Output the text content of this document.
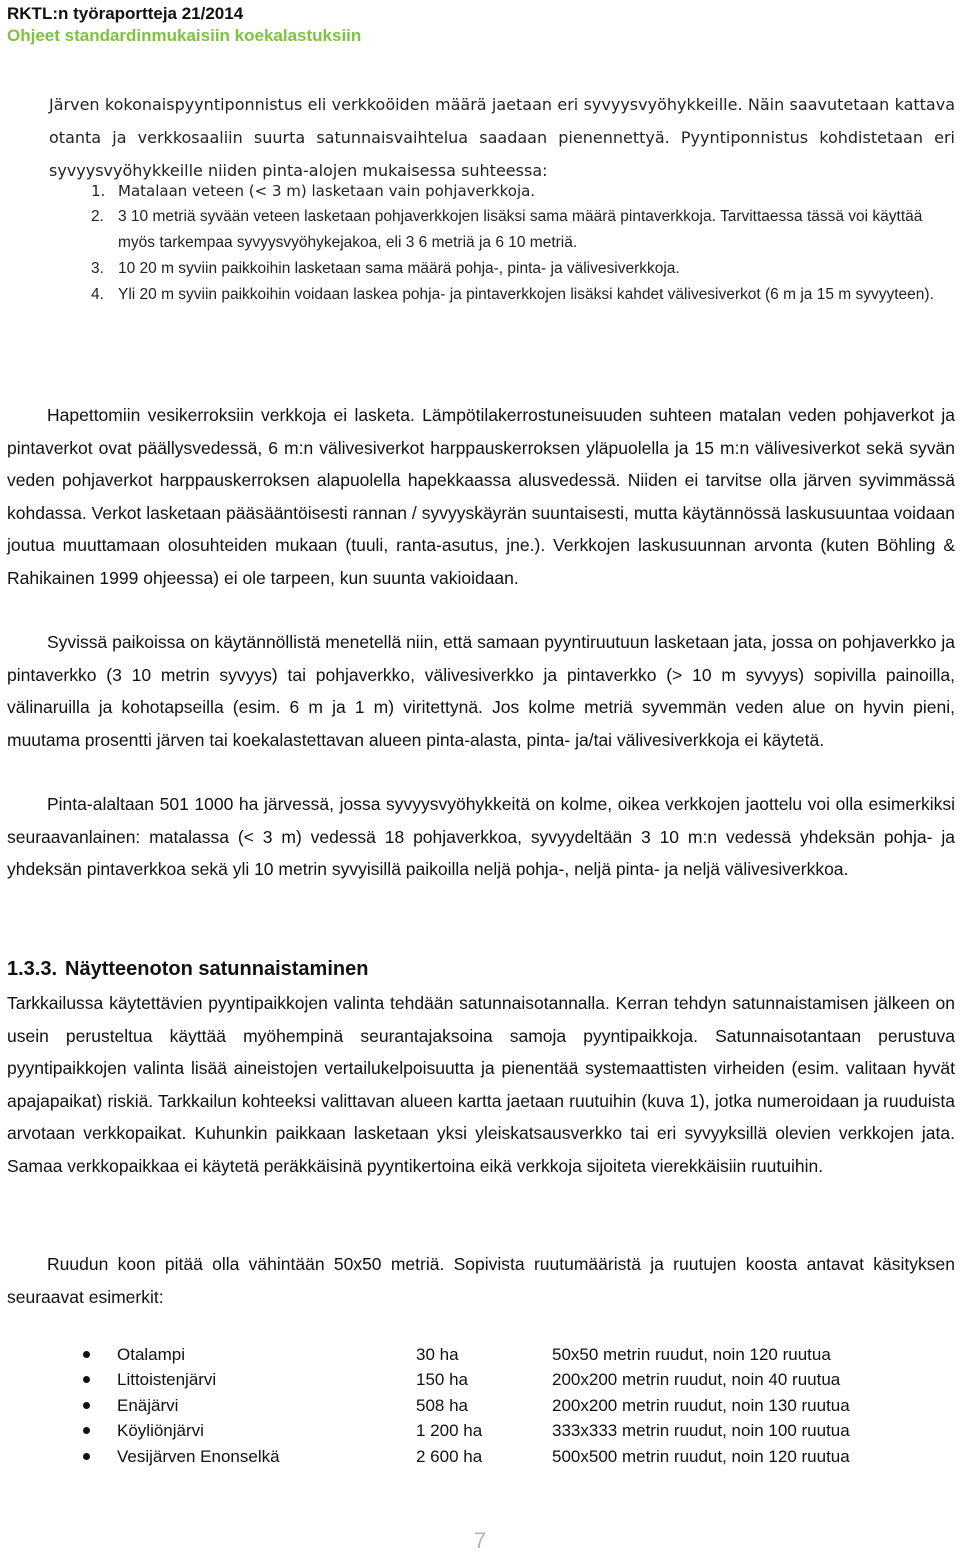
RKTL:n työraportteja 21/2014
Ohjeet standardinmukaisiin koekalastuksiin
Järven kokonaispyyntiponnistus eli verkkoöiden määrä jaetaan eri syvyysvyöhykkeille. Näin saavutetaan kattava otanta ja verkkosaaliin suurta satunnaisvaihtelua saadaan pienennettyä. Pyyntiponnistus kohdistetaan eri syvyysvyöhykkeille niiden pinta-alojen mukaisessa suhteessa:
1. Matalaan veteen (< 3 m) lasketaan vain pohjaverkkoja.
2. 3 10 metriä syvään veteen lasketaan pohjaverkkojen lisäksi sama määrä pintaverkkoja. Tarvittaessa tässä voi käyttää myös tarkempaa syvyysvyöhykejakoa, eli 3 6 metriä ja 6 10 metriä.
3. 10 20 m syviin paikkoihin lasketaan sama määrä pohja-, pinta- ja välivesiverkkoja.
4. Yli 20 m syviin paikkoihin voidaan laskea pohja- ja pintaverkkojen lisäksi kahdet välivesiverkot (6 m ja 15 m syvyyteen).

Hapettomiin vesikerroksiin verkkoja ei lasketa. Lämpötilakerrostuneisuuden suhteen matalan veden pohjaverkot ja pintaverkot ovat päällysvedessä, 6 m:n välivesiverkot harppauskerroksen yläpuolella ja 15 m:n välivesiverkot sekä syvän veden pohjaverkot harppauskerroksen alapuolella hapekkaassa alusvedessä. Niiden ei tarvitse olla järven syvimmässä kohdassa. Verkot lasketaan pääsääntöisesti rannan / syvyyskäyrän suuntaisesti, mutta käytännössä laskusuuntaa voidaan joutua muuttamaan olosuhteiden mukaan (tuuli, ranta-asutus, jne.). Verkkojen laskusuunnan arvonta (kuten Böhling & Rahikainen 1999 ohjeessa) ei ole tarpeen, kun suunta vakioidaan.

Syvissä paikoissa on käytännöllistä menetellä niin, että samaan pyyntiruutuun lasketaan jata, jossa on pohjaverkko ja pintaverkko (3 10 metrin syvyys) tai pohjaverkko, välivesiverkko ja pintaverkko (> 10 m syvyys) sopivilla painoilla, välinaruilla ja kohotapseilla (esim. 6 m ja 1 m) viritettynä. Jos kolme metriä syvemmän veden alue on hyvin pieni, muutama prosentti järven tai koekalastettavan alueen pinta-alasta, pinta- ja/tai välivesiverkkoja ei käytetä.

Pinta-alaltaan 501 1000 ha järvessä, jossa syvyysvyöhykkeitä on kolme, oikea verkkojen jaottelu voi olla esimerkiksi seuraavanlainen: matalassa (< 3 m) vedessä 18 pohjaverkkoa, syvyydeltään 3 10 m:n vedessä yhdeksän pohja- ja yhdeksän pintaverkkoa sekä yli 10 metrin syvyisillä paikoilla neljä pohja-, neljä pinta- ja neljä välivesiverkkoa.

1.3.3. Näytteenoton satunnaistaminen

Tarkkailussa käytettävien pyyntipaikkojen valinta tehdään satunnaisotannalla. Kerran tehdyn satunnaistamisen jälkeen on usein perusteltua käyttää myöhempinä seurantajaksoina samoja pyyntipaikkoja. Satunnaisotantaan perustuva pyyntipaikkojen valinta lisää aineistojen vertailukelpoisuutta ja pienentää systemaattisten virheiden (esim. valitaan hyvät apajapaikat) riskiä. Tarkkailun kohteeksi valittavan alueen kartta jaetaan ruutuihin (kuva 1), jotka numeroidaan ja ruuduista arvotaan verkkopaikat. Kuhunkin paikkaan lasketaan yksi yleiskatsausverkko tai eri syvyyksillä olevien verkkojen jata. Samaa verkkopaikkaa ei käytetä peräkkäisinä pyyntikertoina eikä verkkoja sijoiteta vierekkäisiin ruutuihin.

Ruudun koon pitää olla vähintään 50x50 metriä. Sopivista ruutumääristä ja ruutujen koosta antavat käsityksen seuraavat esimerkit:

	Otalampi	30 ha	50x50 metrin ruudut, noin 120 ruutua
	Littoistenjärvi	150 ha	200x200 metrin ruudut, noin 40 ruutua
	Enäjärvi	508 ha	200x200 metrin ruudut, noin 130 ruutua
	Köyliönjärvi	1 200 ha	333x333 metrin ruudut, noin 100 ruutua
	Vesijärven Enonselkä	2 600 ha	500x500 metrin ruudut, noin 120 ruutua
7
